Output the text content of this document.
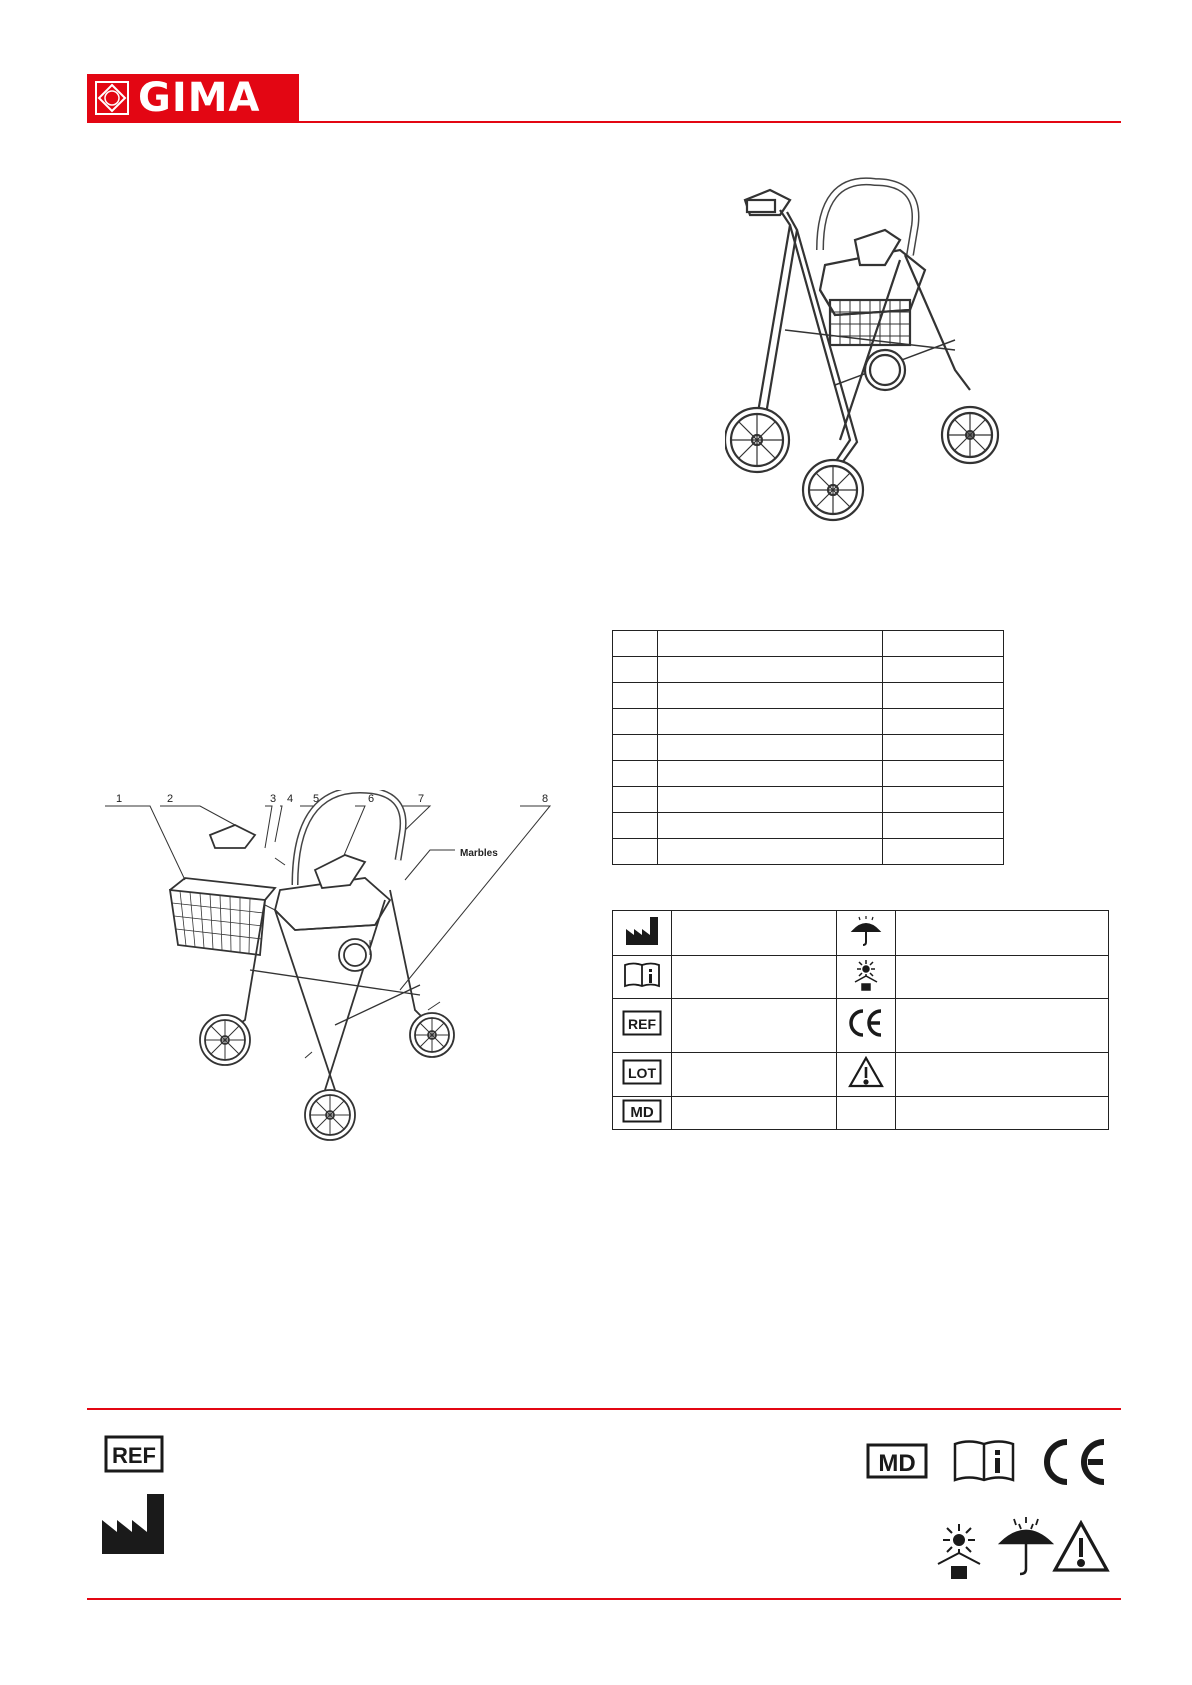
GIMA

1	2	3 4 5	6	7	8
Marbles

REF

LOT

MD			

REF	MD
